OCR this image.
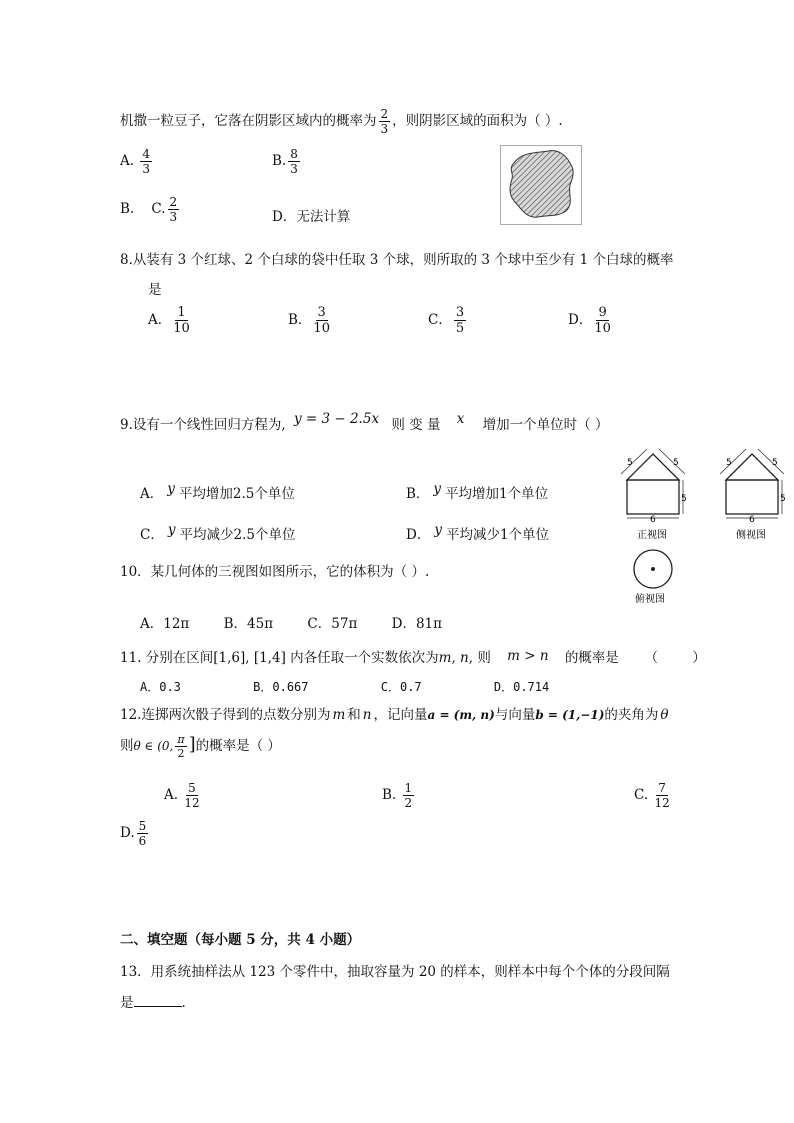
机撒一粒豆子，它落在阴影区域内的概率为 $\frac{2}{3}$ ，则阴影区域的面积为（ ）.
A. $\frac{4}{3}$	B. $\frac{8}{3}$
B.    C. $\frac{2}{3}$	D．无法计算
8.从装有 3 个红球、2 个白球的袋中任取 3 个球，则所取的 3 个球中至少有 1 个白球的概率
是
A． $\frac{1}{10}$	B． $\frac{3}{10}$	C． $\frac{3}{5}$	D． $\frac{9}{10}$
9.设有一个线性回归方程为, y = 3 − 2.5x 则 变 量 x 增加一个单位时（ ）
A． y 平均增加2.5个单位	B． y 平均增加1个单位
C． y 平均减少2.5个单位	D． y 平均减少1个单位
5	5
5
6
正视图
5	5
5
6
侧视图
俯视图
10．某几何体的三视图如图所示，它的体积为（ ）.
A．12π        B．45π        C．57π        D．81π
11. 分别在区间[1,6], [1,4] 内各任取一个实数依次为m, n, 则 m > n 的概率是      （        ）
A．0.3          B．0.667          C．0.7          D．0.714
12.连掷两次骰子得到的点数分别为 m 和 n ，记向量a = (m, n)与向量b = (1,−1)的夹角为 θ
则θ ∈ (0, $\frac{\pi}{2}$ ]的概率是（ ）
A. $\frac{5}{12}$	B. $\frac{1}{2}$	C. $\frac{7}{12}$
D. $\frac{5}{6}$
二、填空题（每小题 5 分，共 4 小题）
13．用系统抽样法从 123 个零件中，抽取容量为 20 的样本，则样本中每个个体的分段间隔
是	.
